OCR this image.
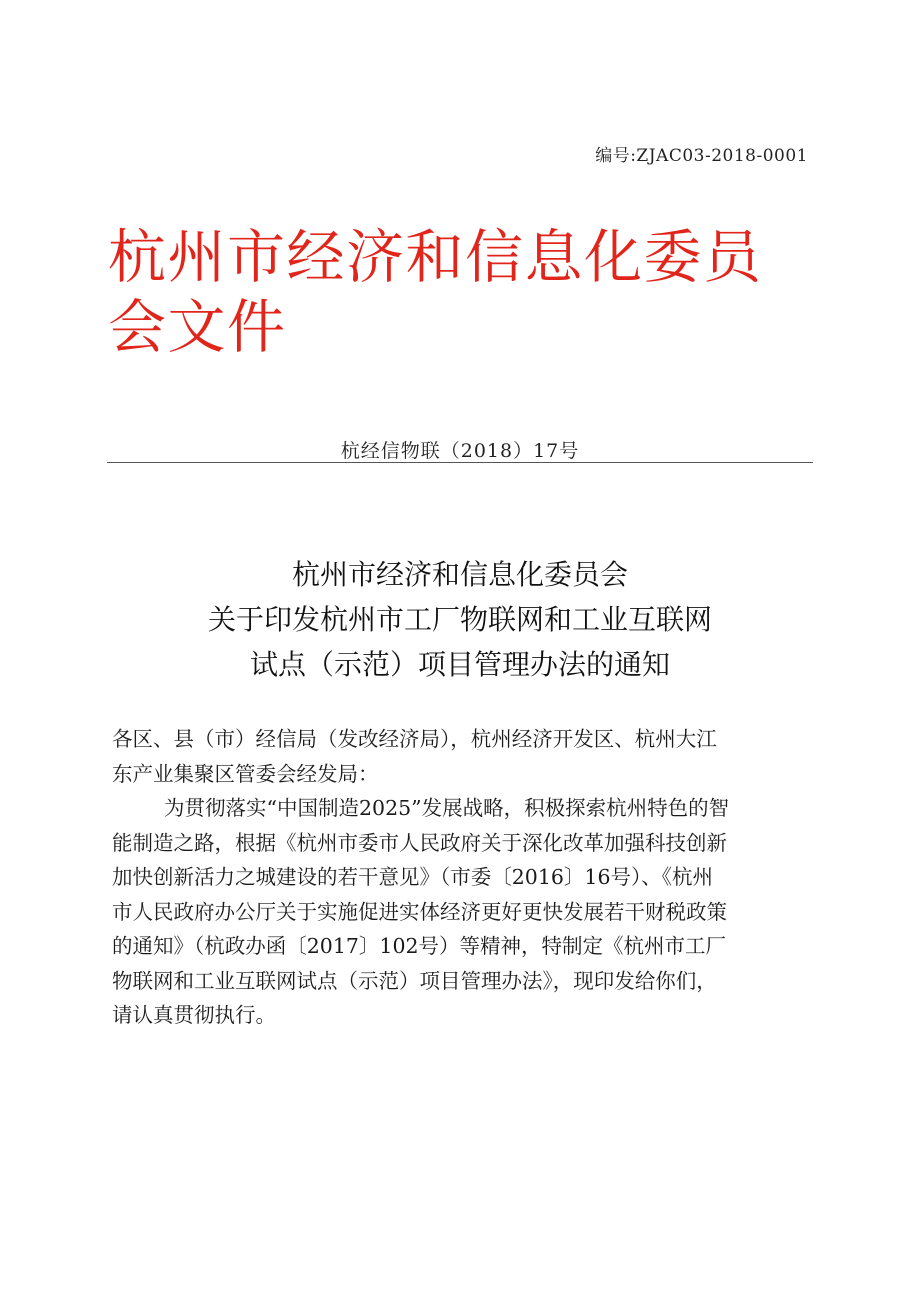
编号:ZJAC03-2018-0001
杭州市经济和信息化委员
会文件
杭经信物联（2018）17号
杭州市经济和信息化委员会
关于印发杭州市工厂物联网和工业互联网
试点（示范）项目管理办法的通知
各区、县（市）经信局（发改经济局），杭州经济开发区、杭州大江
东产业集聚区管委会经发局：
为贯彻落实“中国制造2025”发展战略，积极探索杭州特色的智
能制造之路，根据《杭州市委市人民政府关于深化改革加强科技创新
加快创新活力之城建设的若干意见》（市委〔2016〕16号）、《杭州
市人民政府办公厅关于实施促进实体经济更好更快发展若干财税政策
的通知》（杭政办函〔2017〕102号）等精神，特制定《杭州市工厂
物联网和工业互联网试点（示范）项目管理办法》，现印发给你们，
请认真贯彻执行。
